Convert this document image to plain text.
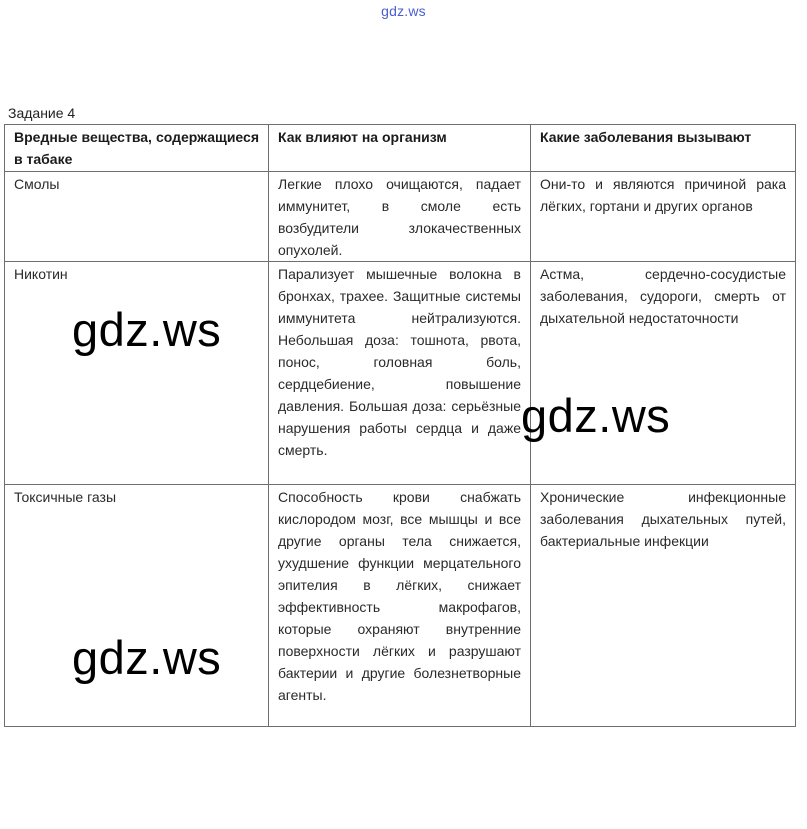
gdz.ws
Задание 4
Вредные вещества, содержащиеся в табаке	Как влияют на организм	Какие заболевания вызывают
Смолы	Легкие плохо очищаются, падает иммунитет, в смоле есть возбудители злокачественных опухолей.	Они-то и являются причиной рака лёгких, гортани и других органов
Никотин	Парализует мышечные волокна в бронхах, трахее. Защитные системы иммунитета нейтрализуются. Небольшая доза: тошнота, рвота, понос, головная боль, сердцебиение, повышение давления. Большая доза: серьёзные нарушения работы сердца и даже смерть.	Астма, сердечно-сосудистые заболевания, судороги, смерть от дыхательной недостаточности
Токсичные газы	Способность крови снабжать кислородом мозг, все мышцы и все другие органы тела снижается, ухудшение функции мерцательного эпителия в лёгких, снижает эффективность макрофагов, которые охраняют внутренние поверхности лёгких и разрушают бактерии и другие болезнетворные агенты.	Хронические инфекционные заболевания дыхательных путей, бактериальные инфекции
gdz.ws
gdz.ws
gdz.ws
